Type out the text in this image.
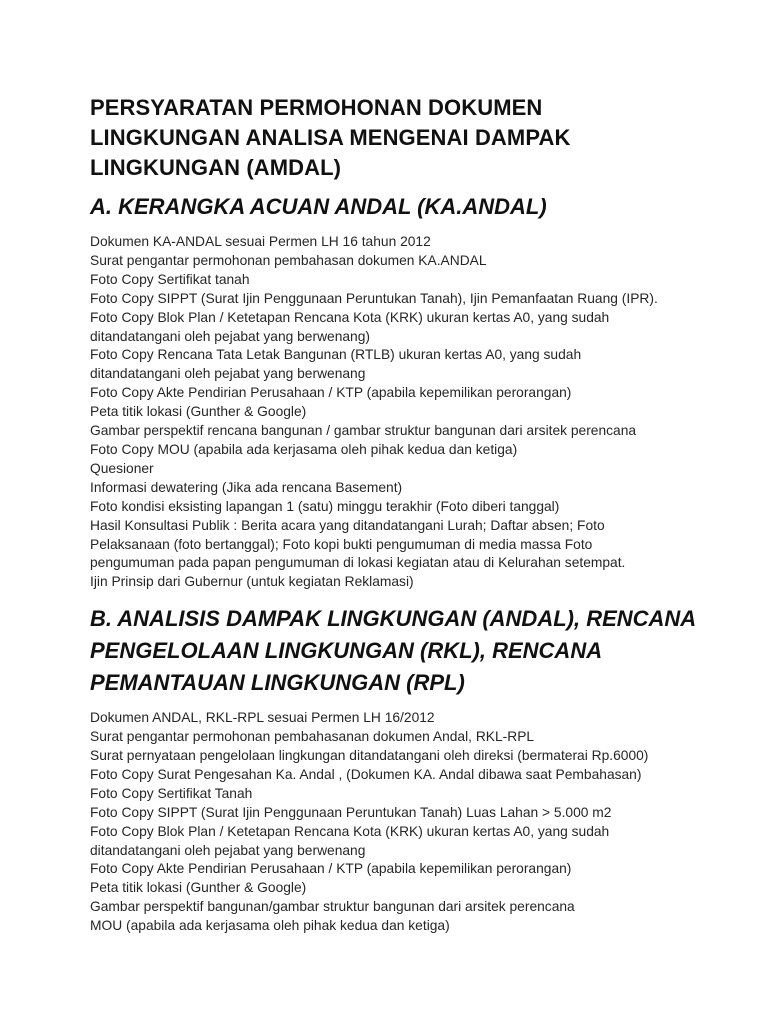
PERSYARATAN PERMOHONAN DOKUMEN
LINGKUNGAN ANALISA MENGENAI DAMPAK
LINGKUNGAN (AMDAL)
A. KERANGKA ACUAN ANDAL (KA.ANDAL)
Dokumen KA-ANDAL sesuai Permen LH 16 tahun 2012
Surat pengantar permohonan pembahasan dokumen KA.ANDAL
Foto Copy Sertifikat tanah
Foto Copy SIPPT (Surat Ijin Penggunaan Peruntukan Tanah), Ijin Pemanfaatan Ruang (IPR).
Foto Copy Blok Plan / Ketetapan Rencana Kota (KRK) ukuran kertas A0, yang sudah
ditandatangani oleh pejabat yang berwenang)
Foto Copy Rencana Tata Letak Bangunan (RTLB) ukuran kertas A0, yang sudah
ditandatangani oleh pejabat yang berwenang
Foto Copy Akte Pendirian Perusahaan / KTP (apabila kepemilikan perorangan)
Peta titik lokasi (Gunther & Google)
Gambar perspektif rencana bangunan / gambar struktur bangunan dari arsitek perencana
Foto Copy MOU (apabila ada kerjasama oleh pihak kedua dan ketiga)
Quesioner
Informasi dewatering (Jika ada rencana Basement)
Foto kondisi eksisting lapangan 1 (satu) minggu terakhir (Foto diberi tanggal)
Hasil Konsultasi Publik : Berita acara yang ditandatangani Lurah; Daftar absen; Foto
Pelaksanaan (foto bertanggal); Foto kopi bukti pengumuman di media massa Foto
pengumuman pada papan pengumuman di lokasi kegiatan atau di Kelurahan setempat.
Ijin Prinsip dari Gubernur (untuk kegiatan Reklamasi)
B. ANALISIS DAMPAK LINGKUNGAN (ANDAL), RENCANA
PENGELOLAAN LINGKUNGAN (RKL), RENCANA
PEMANTAUAN LINGKUNGAN (RPL)
Dokumen ANDAL, RKL-RPL sesuai Permen LH 16/2012
Surat pengantar permohonan pembahasanan dokumen Andal, RKL-RPL
Surat pernyataan pengelolaan lingkungan ditandatangani oleh direksi (bermaterai Rp.6000)
Foto Copy Surat Pengesahan Ka. Andal , (Dokumen KA. Andal dibawa saat Pembahasan)
Foto Copy Sertifikat Tanah
Foto Copy SIPPT (Surat Ijin Penggunaan Peruntukan Tanah) Luas Lahan > 5.000 m2
Foto Copy Blok Plan / Ketetapan Rencana Kota (KRK) ukuran kertas A0, yang sudah
ditandatangani oleh pejabat yang berwenang
Foto Copy Akte Pendirian Perusahaan / KTP (apabila kepemilikan perorangan)
Peta titik lokasi (Gunther & Google)
Gambar perspektif bangunan/gambar struktur bangunan dari arsitek perencana
MOU (apabila ada kerjasama oleh pihak kedua dan ketiga)
